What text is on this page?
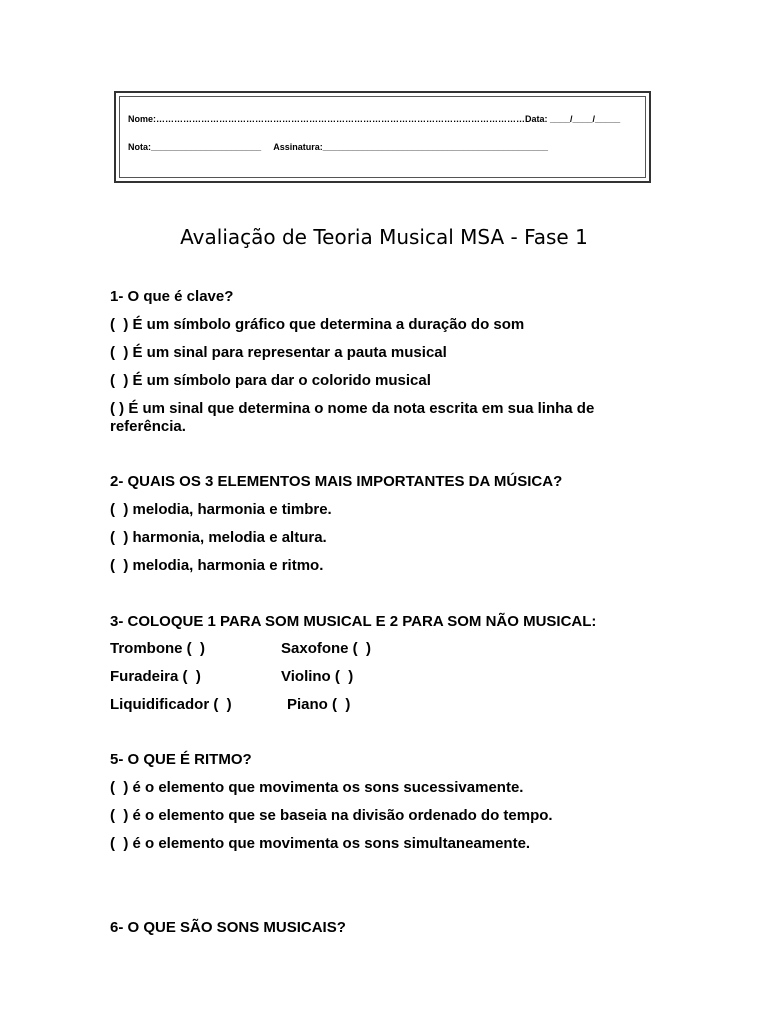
Nome:……………………………………………………………………………………………………………Data: ____/____/_____
Nota:______________________     Assinatura:_____________________________________________
Avaliação de Teoria Musical MSA - Fase 1
1- O que é clave?
(  ) É um símbolo gráfico que determina a duração do som
(  ) É um sinal para representar a pauta musical
(  ) É um símbolo para dar o colorido musical
( ) É um sinal que determina o nome da nota escrita em sua linha de
referência.
2- QUAIS OS 3 ELEMENTOS MAIS IMPORTANTES DA MÚSICA?
(  ) melodia, harmonia e timbre.
(  ) harmonia, melodia e altura.
(  ) melodia, harmonia e ritmo.
3- COLOQUE 1 PARA SOM MUSICAL E 2 PARA SOM NÃO MUSICAL:
Trombone (  )	Saxofone (  )
Furadeira (  )	Violino (  )
Liquidificador (  )	Piano (  )
5- O QUE É RITMO?
(  ) é o elemento que movimenta os sons sucessivamente.
(  ) é o elemento que se baseia na divisão ordenado do tempo.
(  ) é o elemento que movimenta os sons simultaneamente.
6- O QUE SÃO SONS MUSICAIS?
